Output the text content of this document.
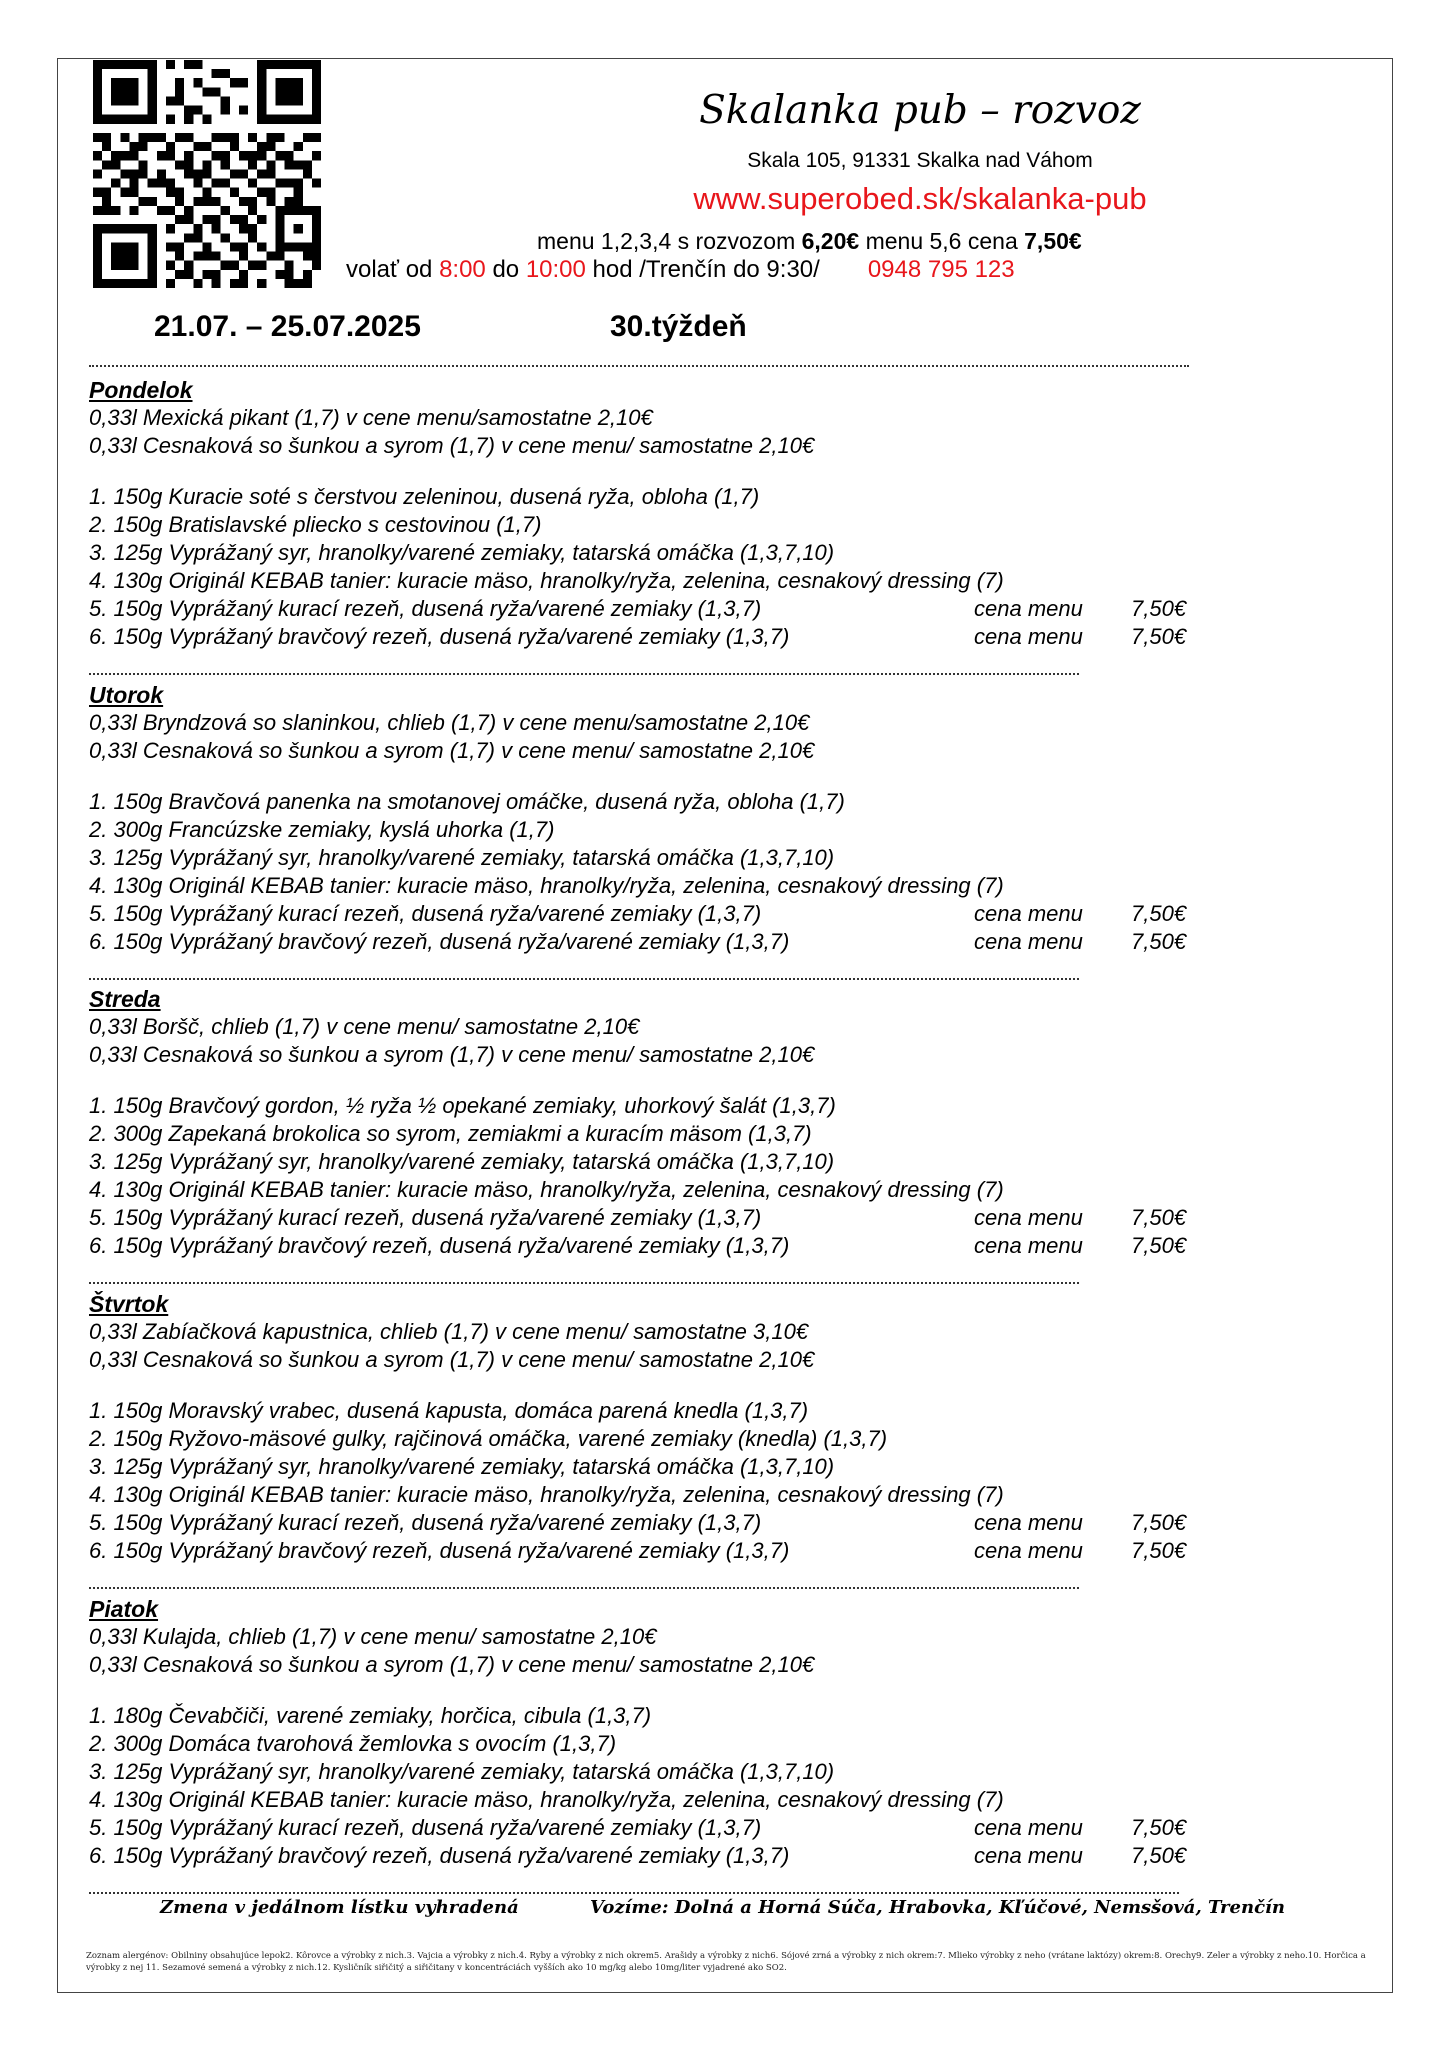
Skalanka pub – rozvoz
Skala 105, 91331 Skalka nad Váhom
www.superobed.sk/skalanka-pub
menu 1,2,3,4 s rozvozom 6,20€ menu 5,6 cena 7,50€
volať od 8:00 do 10:00 hod /Trenčín do 9:30/ 0948 795 123
21.07. – 25.07.2025	30.týždeň
Pondelok
0,33l Mexická pikant (1,7) v cene menu/samostatne 2,10€
0,33l Cesnaková so šunkou a syrom (1,7) v cene menu/ samostatne 2,10€
1. 150g Kuracie soté s čerstvou zeleninou, dusená ryža, obloha (1,7)
2. 150g Bratislavské pliecko s cestovinou (1,7)
3. 125g Vyprážaný syr, hranolky/varené zemiaky, tatarská omáčka (1,3,7,10)
4. 130g Originál KEBAB tanier: kuracie mäso, hranolky/ryža, zelenina, cesnakový dressing (7)
5. 150g Vyprážaný kurací rezeň, dusená ryža/varené zemiaky (1,3,7)	cena menu 7,50€
6. 150g Vyprážaný bravčový rezeň, dusená ryža/varené zemiaky (1,3,7)	cena menu 7,50€
Utorok
0,33l Bryndzová so slaninkou, chlieb (1,7) v cene menu/samostatne 2,10€
0,33l Cesnaková so šunkou a syrom (1,7) v cene menu/ samostatne 2,10€
1. 150g Bravčová panenka na smotanovej omáčke, dusená ryža, obloha (1,7)
2. 300g Francúzske zemiaky, kyslá uhorka (1,7)
3. 125g Vyprážaný syr, hranolky/varené zemiaky, tatarská omáčka (1,3,7,10)
4. 130g Originál KEBAB tanier: kuracie mäso, hranolky/ryža, zelenina, cesnakový dressing (7)
5. 150g Vyprážaný kurací rezeň, dusená ryža/varené zemiaky (1,3,7)	cena menu 7,50€
6. 150g Vyprážaný bravčový rezeň, dusená ryža/varené zemiaky (1,3,7)	cena menu 7,50€
Streda
0,33l Boršč, chlieb (1,7) v cene menu/ samostatne 2,10€
0,33l Cesnaková so šunkou a syrom (1,7) v cene menu/ samostatne 2,10€
1. 150g Bravčový gordon, ½ ryža ½ opekané zemiaky, uhorkový šalát (1,3,7)
2. 300g Zapekaná brokolica so syrom, zemiakmi a kuracím mäsom (1,3,7)
3. 125g Vyprážaný syr, hranolky/varené zemiaky, tatarská omáčka (1,3,7,10)
4. 130g Originál KEBAB tanier: kuracie mäso, hranolky/ryža, zelenina, cesnakový dressing (7)
5. 150g Vyprážaný kurací rezeň, dusená ryža/varené zemiaky (1,3,7)	cena menu 7,50€
6. 150g Vyprážaný bravčový rezeň, dusená ryža/varené zemiaky (1,3,7)	cena menu 7,50€
Štvrtok
0,33l Zabíačková kapustnica, chlieb (1,7) v cene menu/ samostatne 3,10€
0,33l Cesnaková so šunkou a syrom (1,7) v cene menu/ samostatne 2,10€
1. 150g Moravský vrabec, dusená kapusta, domáca parená knedla (1,3,7)
2. 150g Ryžovo-mäsové gulky, rajčinová omáčka, varené zemiaky (knedla) (1,3,7)
3. 125g Vyprážaný syr, hranolky/varené zemiaky, tatarská omáčka (1,3,7,10)
4. 130g Originál KEBAB tanier: kuracie mäso, hranolky/ryža, zelenina, cesnakový dressing (7)
5. 150g Vyprážaný kurací rezeň, dusená ryža/varené zemiaky (1,3,7)	cena menu 7,50€
6. 150g Vyprážaný bravčový rezeň, dusená ryža/varené zemiaky (1,3,7)	cena menu 7,50€
Piatok
0,33l Kulajda, chlieb (1,7) v cene menu/ samostatne 2,10€
0,33l Cesnaková so šunkou a syrom (1,7) v cene menu/ samostatne 2,10€
1. 180g Čevabčiči, varené zemiaky, horčica, cibula (1,3,7)
2. 300g Domáca tvarohová žemlovka s ovocím (1,3,7)
3. 125g Vyprážaný syr, hranolky/varené zemiaky, tatarská omáčka (1,3,7,10)
4. 130g Originál KEBAB tanier: kuracie mäso, hranolky/ryža, zelenina, cesnakový dressing (7)
5. 150g Vyprážaný kurací rezeň, dusená ryža/varené zemiaky (1,3,7)	cena menu 7,50€
6. 150g Vyprážaný bravčový rezeň, dusená ryža/varené zemiaky (1,3,7)	cena menu 7,50€
Zmena v jedálnom lístku vyhradená	Vozíme: Dolná a Horná Súča, Hrabovka, Kľúčové, Nemsšová, Trenčín
Zoznam alergénov: Obilniny obsahujúce lepok2. Kôrovce a výrobky z nich.3. Vajcia a výrobky z nich.4. Ryby a výrobky z nich okrem5. Arašidy a výrobky z nich6. Sójové zrná a výrobky z nich okrem:7. Mlieko výrobky z neho (vrátane laktózy) okrem:8. Orechy9. Zeler a výrobky z neho.10. Horčica a výrobky z nej 11. Sezamové semená a výrobky z nich.12. Kysličník siřičitý a siřičitany v koncentráciách vyšších ako 10 mg/kg alebo 10mg/liter vyjadrené ako SO2.
